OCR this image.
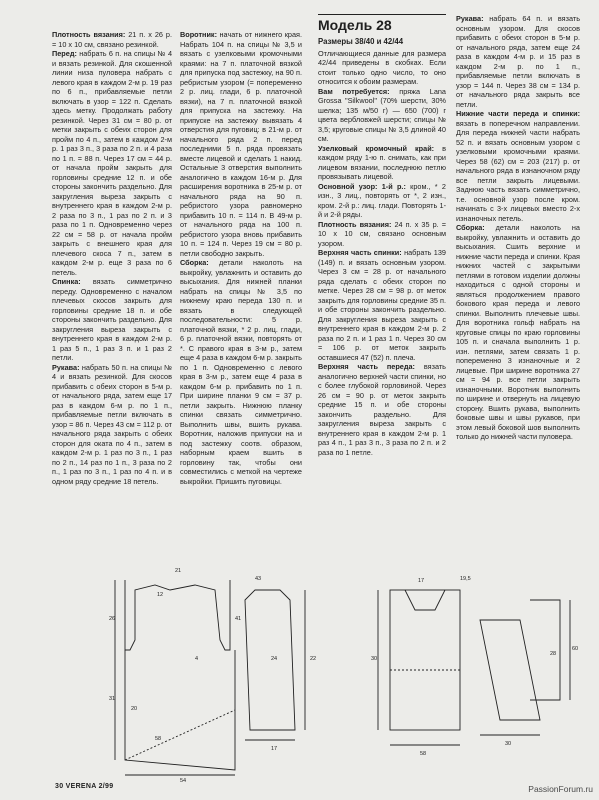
Плотность вязания: 21 п. x 26 р. = 10 x 10 см, связано резинкой.

Перед: набрать 6 п. на спицы № 4 и вязать резинкой. Для скошенной линии низа пуловера набрать с левого края в каждом 2-м р. 19 раз по 6 п., прибавляемые петли включать в узор = 122 п. Сделать здесь метку. Продолжать работу резинкой. Через 31 см = 80 р. от метки закрыть с обеих сторон для пройм по 4 п., затем в каждом 2-м р. 1 раз 3 п., 3 раза по 2 п. и 4 раза по 1 п. = 88 п. Через 17 см = 44 р. от начала пройм закрыть для горловины средние 12 п. и обе стороны закончить раздельно. Для закругления выреза закрыть с внутреннего края в каждом 2-м р. 2 раза по 3 п., 1 раз по 2 п. и 3 раза по 1 п. Одновременно через 22 см = 58 р. от начала пройм закрыть с внешнего края для плечевого скоса 7 п., затем в каждом 2-м р. еще 3 раза по 6 петель.

Спинка: вязать симметрично переду. Одновременно с началом плечевых скосов закрыть для горловины средние 18 п. и обе стороны закончить раздельно. Для закругления выреза закрыть с внутреннего края в каждом 2-м р. 1 раз 5 п., 1 раз 3 п. и 1 раз 2 петли.

Рукава: набрать 50 п. на спицы № 4 и вязать резинкой. Для скосов прибавить с обеих сторон в 5-м р. от начального ряда, затем еще 17 раз в каждом 6-м р. по 1 п., прибавляемые петли включать в узор = 86 п. Через 43 см = 112 р. от начального ряда закрыть с обеих сторон для оката по 4 п., затем в каждом 2-м р. 1 раз по 3 п., 1 раз по 2 п., 14 раз по 1 п., 3 раза по 2 п., 1 раз по 3 п., 1 раз по 4 п. и в одном ряду средние 18 петель.

Воротник: начать от нижнего края. Набрать 104 п. на спицы № 3,5 и вязать с узелковыми кромочными краями: на 7 п. платочной вязкой для припуска под застежку, на 90 п. ребристым узором (= попеременно 2 р. лиц. глади, 6 р. платочной вязки), на 7 п. платочной вязкой для припуска на застежку. На припуске на застежку вывязать 4 отверстия для пуговиц: в 21-м р. от начального ряда 2 п. перед последними 5 п. ряда провязать вместе лицевой и сделать 1 накид. Остальные 3 отверстия выполнить аналогично в каждом 16-м р. Для расширения воротника в 25-м р. от начального ряда на 90 п. ребристого узора равномерно прибавить 10 п. = 114 п. В 49-м р. от начального ряда на 100 п. ребристого узора вновь прибавить 10 п. = 124 п. Через 19 см = 80 р. петли свободно закрыть.

Сборка: детали наколоть на выкройку, увлажнить и оставить до высыхания. Для нижней планки набрать на спицы № 3,5 по нижнему краю переда 130 п. и вязать в следующей последовательности: 5 р. платочной вязки, * 2 р. лиц. глади, 6 р. платочной вязки, повторять от *. С правого края в 3-м р., затем еще 4 раза в каждом 6-м р. закрыть по 1 п. Одновременно с левого края в 3-м р., затем еще 4 раза в каждом 6-м р. прибавить по 1 п. При ширине планки 9 см = 37 р. петли закрыть. Нижнюю планку спинки связать симметрично. Выполнить швы, вшить рукава. Воротник, наложив припуски на и под застежку соотв. образом, наборным краем вшить в горловину так, чтобы они совместились с меткой на чертеже выкройки. Пришить пуговицы.

Модель 28
Размеры 38/40 и 42/44

Отличающиеся данные для размера 42/44 приведены в скобках. Если стоит только одно число, то оно относится к обоим размерам.

Вам потребуется: пряжа Lana Grossa "Silkwool" (70% шерсти, 30% шелка; 135 м/50 г) — 650 (700) г цвета вербловжей шерсти; спицы № 3,5; круговые спицы № 3,5 длиной 40 см.

Узелковый кромочный край: в каждом ряду 1-ю п. снимать, как при лицевом вязании, последнюю петлю провязывать лицевой.

Основной узор: 1-й р.: кром., * 2 изн., 3 лиц., повторять от *, 2 изн., кром. 2-й р.: лиц. глади. Повторять 1-й и 2-й ряды.

Плотность вязания: 24 п. x 35 р. = 10 x 10 см, связано основным узором.

Верхняя часть спинки: набрать 139 (149) п. и вязать основным узором. Через 3 см = 28 р. от начального ряда сделать с обеих сторон по метке. Через 28 см = 98 р. от меток закрыть для горловины средние 35 п. и обе стороны закончить раздельно. Для закругления выреза закрыть с внутреннего края в каждом 2-м р. 2 раза по 2 п. и 1 раз 1 п. Через 30 см = 106 р. от меток закрыть оставшиеся 47 (52) п. плеча.

Верхняя часть переда: вязать аналогично верхней части спинки, но с более глубокой горловиной. Через 26 см = 90 р. от меток закрыть средние 15 п. и обе стороны закончить раздельно. Для закругления выреза закрыть с внутреннего края в каждом 2-м р. 1 раз 4 п., 1 раз 3 п., 3 раза по 2 п. и 2 раза по 1 петле.

Рукава: набрать 64 п. и вязать основным узором. Для скосов прибавить с обеих сторон в 5-м р. от начального ряда, затем еще 24 раза в каждом 4-м р. и 15 раз в каждом 2-м р. по 1 п., прибавляемые петли включать в узор = 144 п. Через 38 см = 134 р. от начального ряда закрыть все петли.

Нижние части переда и спинки: вязать в поперечном направлении. Для переда нижней части набрать 52 п. и вязать основным узором с узелковыми кромочными краями. Через 58 (62) см = 203 (217) р. от начального ряда в изнаночном ряду все петли закрыть лицевыми. Заднюю часть вязать симметрично, т.е. основной узор после кром. начинать с 3-х лицевых вместо 2-х изнаночных петель.

Сборка: детали наколоть на выкройку, увлажнить и оставить до высыхания. Сшить верхние и нижние части переда и спинки. Края нижних частей с закрытыми петлями в готовом изделии должны находиться с одной стороны и являться продолжением правого бокового края переда и левого спинки. Выполнить плечевые швы. Для воротника гольф набрать на круговые спицы по краю горловины 105 п. и сначала выполнить 1 р. изн. петлями, затем связать 1 р. попеременно 3 изнаночные и 2 лицевые. При ширине воротника 27 см = 94 р. все петли закрыть изнаночными. Воротник выполнить по ширине и отвернуть на лицевую сторону. Вшить рукава, выполнить боковые швы и швы рукавов, при этом левый боковой шов выполнить только до нижней части пуловера.

21
12
26
54
17
4
20
31
58
22
43
24
41
17	19,5
30
28
58
30
60
30 VERENA 2/99	PassionForum.ru
